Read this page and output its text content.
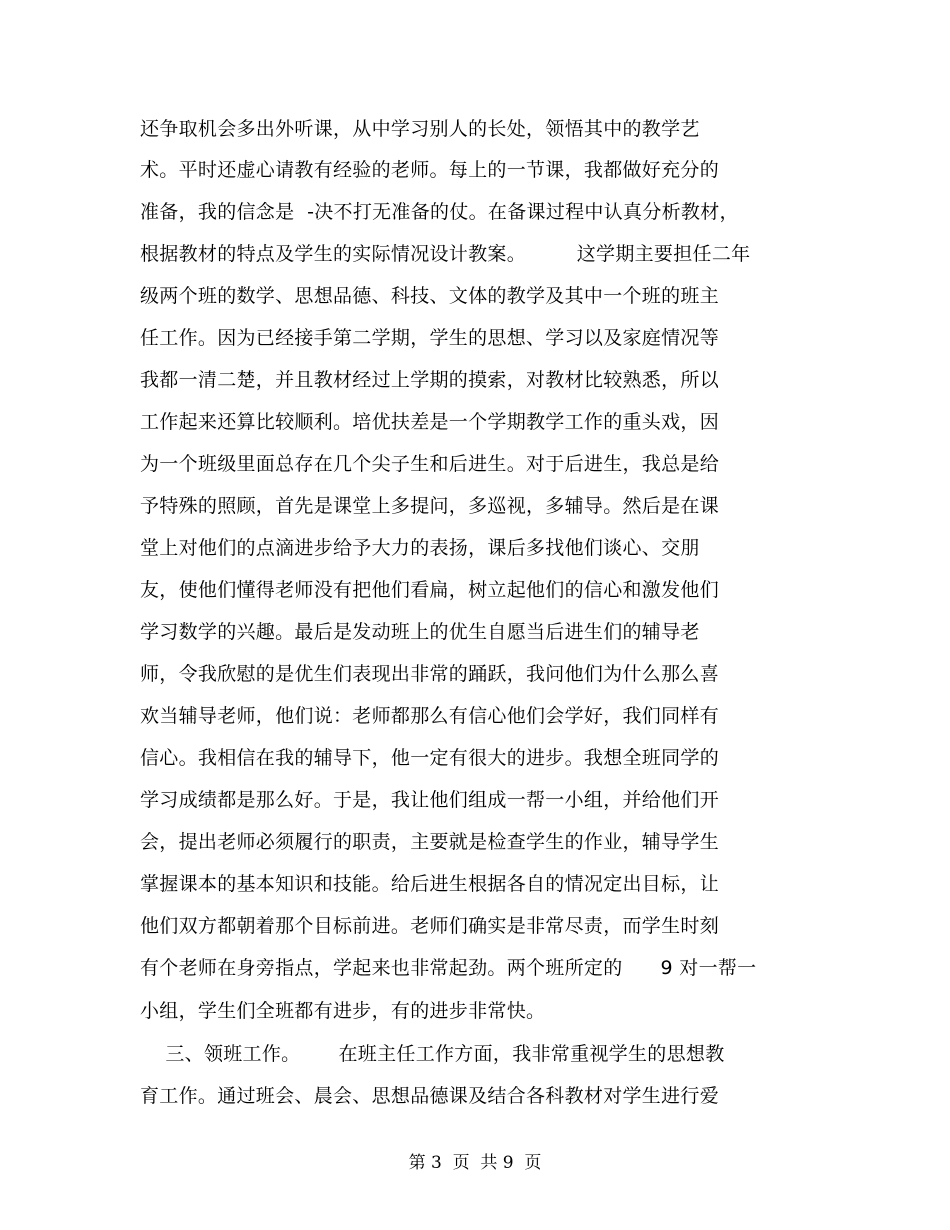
还争取机会多出外听课，从中学习别人的长处，领悟其中的教学艺
术。平时还虚心请教有经验的老师。每上的一节课，我都做好充分的
准备，我的信念是  -决不打无准备的仗。在备课过程中认真分析教材，
根据教材的特点及学生的实际情况设计教案。        这学期主要担任二年
级两个班的数学、思想品德、科技、文体的教学及其中一个班的班主
任工作。因为已经接手第二学期，学生的思想、学习以及家庭情况等
我都一清二楚，并且教材经过上学期的摸索，对教材比较熟悉，所以
工作起来还算比较顺利。培优扶差是一个学期教学工作的重头戏，因
为一个班级里面总存在几个尖子生和后进生。对于后进生，我总是给
予特殊的照顾，首先是课堂上多提问，多巡视，多辅导。然后是在课
堂上对他们的点滴进步给予大力的表扬，课后多找他们谈心、交朋
友，使他们懂得老师没有把他们看扁，树立起他们的信心和激发他们
学习数学的兴趣。最后是发动班上的优生自愿当后进生们的辅导老
师，令我欣慰的是优生们表现出非常的踊跃，我问他们为什么那么喜
欢当辅导老师，他们说：老师都那么有信心他们会学好，我们同样有
信心。我相信在我的辅导下，他一定有很大的进步。我想全班同学的
学习成绩都是那么好。于是，我让他们组成一帮一小组，并给他们开
会，提出老师必须履行的职责，主要就是检查学生的作业，辅导学生
掌握课本的基本知识和技能。给后进生根据各自的情况定出目标，让
他们双方都朝着那个目标前进。老师们确实是非常尽责，而学生时刻
有个老师在身旁指点，学起来也非常起劲。两个班所定的      9 对一帮一
小组，学生们全班都有进步，有的进步非常快。
三、领班工作。      在班主任工作方面，我非常重视学生的思想教
育工作。通过班会、晨会、思想品德课及结合各科教材对学生进行爱
第 3  页  共 9  页
